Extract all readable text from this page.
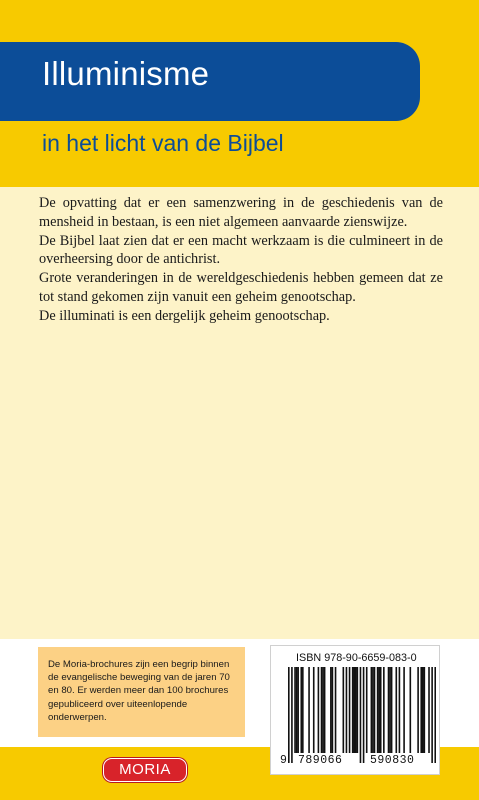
Illuminisme
in het licht van de Bijbel
De opvatting dat er een samenzwering in de geschiedenis van de mensheid in bestaan, is een niet algemeen aanvaarde zienswijze.
De Bijbel laat zien dat er een macht werkzaam is die culmineert in de overheersing door de antichrist.
Grote veranderingen in de wereldgeschiedenis hebben gemeen dat ze tot stand gekomen zijn vanuit een geheim genootschap.
De illuminati is een dergelijk geheim genootschap.
De Moria-brochures zijn een begrip binnen de evangelische beweging van de jaren 70 en 80. Er werden meer dan 100 brochures gepubliceerd over uiteenlopende onderwerpen.
MORIA
ISBN 978-90-6659-083-0
9 789066 590830
